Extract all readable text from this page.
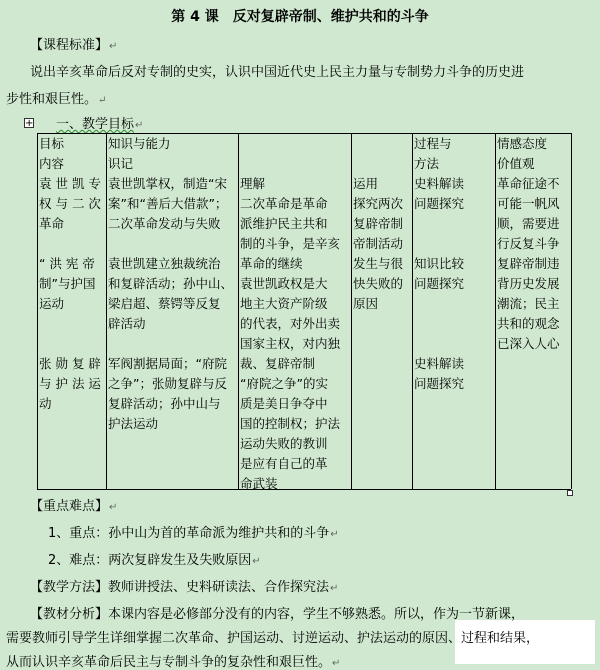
第 4 课　反对复辟帝制、维护共和的斗争
【课程标准】↵
说出辛亥革命后反对专制的史实，认识中国近代史上民主力量与专制势力斗争的历史进
步性和艰巨性。↵
+ 一、教学目标↵
目标
内容
袁 世 凯 专
权 与 二 次
革命

“ 洪 宪 帝
制”与护国
运动

张 勋 复 辟
与 护 法 运
动
知识与能力
识记
袁世凯掌权，制造“宋
案”和“善后大借款”；
二次革命发动与失败

袁世凯建立独裁统治
和复辟活动；孙中山、
梁启超、蔡锷等反复
辟活动

军阀割据局面；“府院
之争”；张勋复辟与反
复辟活动；孙中山与
护法运动

理解
二次革命是革命
派维护民主共和
制的斗争，是辛亥
革命的继续
袁世凯政权是大
地主大资产阶级
的代表，对外出卖
国家主权，对内独
裁、复辟帝制
“府院之争”的实
质是美日争夺中
国的控制权；护法
运动失败的教训
是应有自己的革
命武装

运用
探究两次
复辟帝制
帝制活动
发生与很
快失败的
原因
过程与
方法
史料解读
问题探究

知识比较
问题探究

史料解读
问题探究
情感态度
价值观
革命征途不
可能一帆风
顺，需要进
行反复斗争
复辟帝制违
背历史发展
潮流；民主
共和的观念
已深入人心
【重点难点】↵
1、重点：孙中山为首的革命派为维护共和的斗争↵
2、难点：两次复辟发生及失败原因↵
【教学方法】教师讲授法、史料研读法、合作探究法↵
【教材分析】本课内容是必修部分没有的内容，学生不够熟悉。所以，作为一节新课，
需要教师引导学生详细掌握二次革命、护国运动、讨逆运动、护法运动的原因、过程和结果，
从而认识辛亥革命后民主与专制斗争的复杂性和艰巨性。↵
